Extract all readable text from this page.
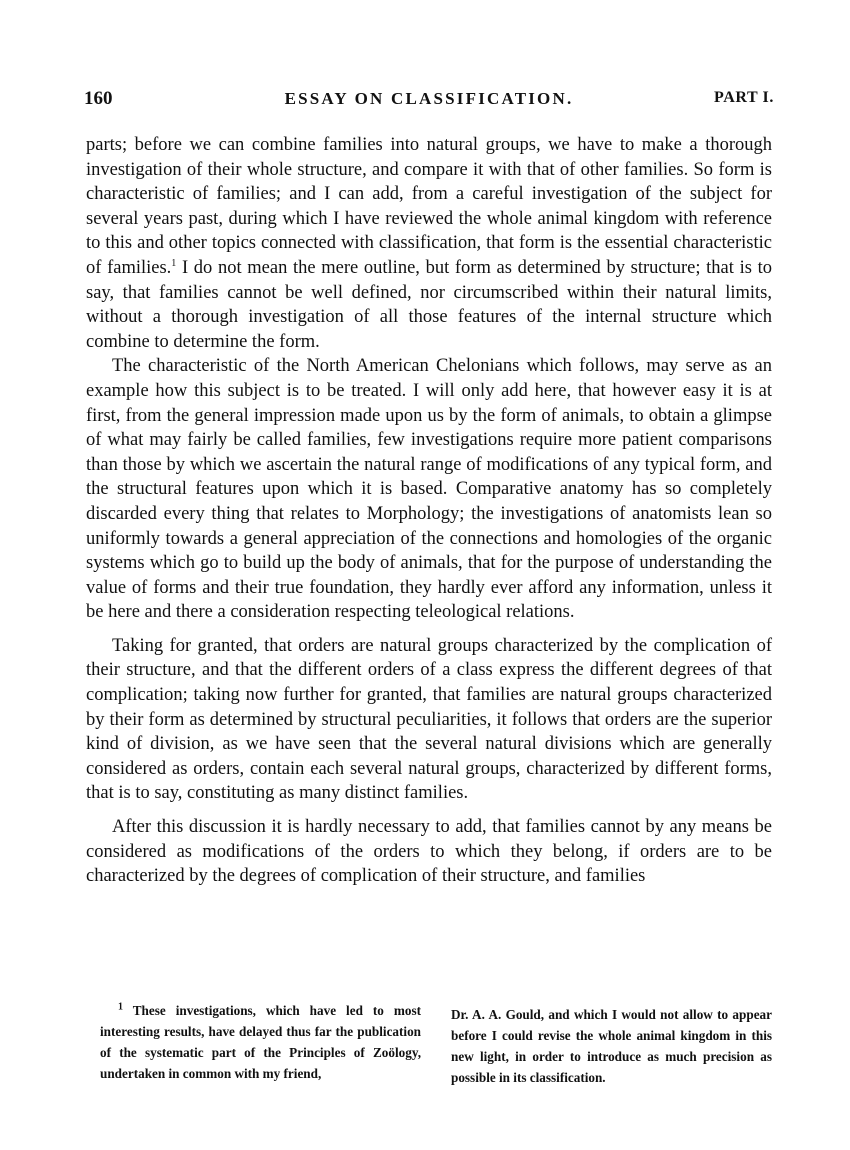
160	ESSAY ON CLASSIFICATION.	PART I.

parts; before we can combine families into natural groups, we have to make a thorough investigation of their whole structure, and compare it with that of other families. So form is characteristic of families; and I can add, from a careful investigation of the subject for several years past, during which I have reviewed the whole animal kingdom with reference to this and other topics connected with classification, that form is the essential characteristic of families.$^1$ I do not mean the mere outline, but form as determined by structure; that is to say, that families cannot be well defined, nor circumscribed within their natural limits, without a thorough investigation of all those features of the internal structure which combine to determine the form.

The characteristic of the North American Chelonians which follows, may serve as an example how this subject is to be treated. I will only add here, that however easy it is at first, from the general impression made upon us by the form of animals, to obtain a glimpse of what may fairly be called families, few investigations require more patient comparisons than those by which we ascertain the natural range of modifications of any typical form, and the structural features upon which it is based. Comparative anatomy has so completely discarded every thing that relates to Morphology; the investigations of anatomists lean so uniformly towards a general appreciation of the connections and homologies of the organic systems which go to build up the body of animals, that for the purpose of understanding the value of forms and their true foundation, they hardly ever afford any information, unless it be here and there a consideration respecting teleological relations.

Taking for granted, that orders are natural groups characterized by the complication of their structure, and that the different orders of a class express the different degrees of that complication; taking now further for granted, that families are natural groups characterized by their form as determined by structural peculiarities, it follows that orders are the superior kind of division, as we have seen that the several natural divisions which are generally considered as orders, contain each several natural groups, characterized by different forms, that is to say, constituting as many distinct families.

After this discussion it is hardly necessary to add, that families cannot by any means be considered as modifications of the orders to which they belong, if orders are to be characterized by the degrees of complication of their structure, and families

$^1$ These investigations, which have led to most interesting results, have delayed thus far the publication of the systematic part of the Principles of Zoölogy, undertaken in common with my friend,
Dr. A. A. Gould, and which I would not allow to appear before I could revise the whole animal kingdom in this new light, in order to introduce as much precision as possible in its classification.
